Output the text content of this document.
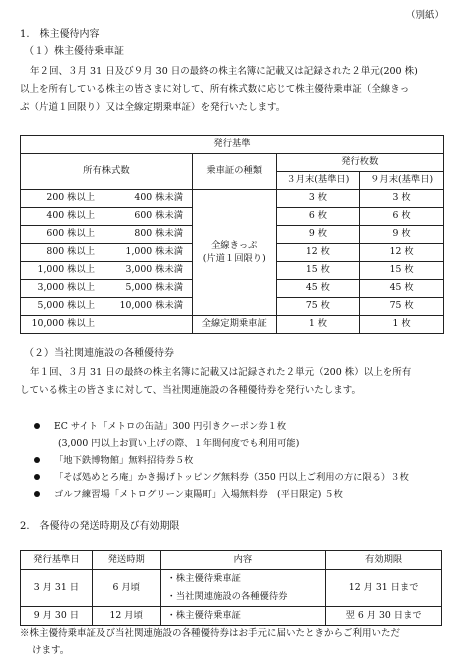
（別紙）
1.　株主優待内容
（１）株主優待乗車証
年２回、３月 31 日及び９月 30 日の最終の株主名簿に記載又は記録された２単元(200 株)
以上を所有している株主の皆さまに対して、所有株式数に応じて株主優待乗車証（全線きっ
ぷ（片道１回限り）又は全線定期乗車証）を発行いたします。
発行基準			
所有株式数	乗車証の種類	発行枚数	
		３月末(基準日)	９月末(基準日)
200 株以上 400 株未満	全線きっぷ
(片道１回限り)	3 枚	3 枚
400 株以上 600 株未満		6 枚	6 枚
600 株以上 800 株未満		9 枚	9 枚
800 株以上 1,000 株未満		12 枚	12 枚
1,000 株以上 3,000 株未満		15 枚	15 枚
3,000 株以上 5,000 株未満		45 枚	45 枚
5,000 株以上 10,000 株未満		75 枚	75 枚
10,000 株以上	全線定期乗車証	1 枚	1 枚
（２）当社関連施設の各種優待券
年１回、３月 31 日の最終の株主名簿に記載又は記録された２単元（200 株）以上を所有
している株主の皆さまに対して、当社関連施設の各種優待券を発行いたします。
EC サイト「メトロの缶詰」300 円引きクーポン券１枚
(3,000 円以上お買い上げの際、１年間何度でも利用可能)
「地下鉄博物館」無料招待券５枚
「そば処めとろ庵」かき揚げトッピング無料券（350 円以上ご利用の方に限る）３枚
ゴルフ練習場「メトログリーン東陽町」入場無料券　(平日限定) ５枚
2.　各優待の発送時期及び有効期限
発行基準日	発送時期	内容	有効期限
3 月 31 日	6 月頃	・株主優待乗車証	12 月 31 日まで
		・当社関連施設の各種優待券	
9 月 30 日	12 月頃	・株主優待乗車証	翌 6 月 30 日まで
※株主優待乗車証及び当社関連施設の各種優待券はお手元に届いたときからご利用いただ
けます。
